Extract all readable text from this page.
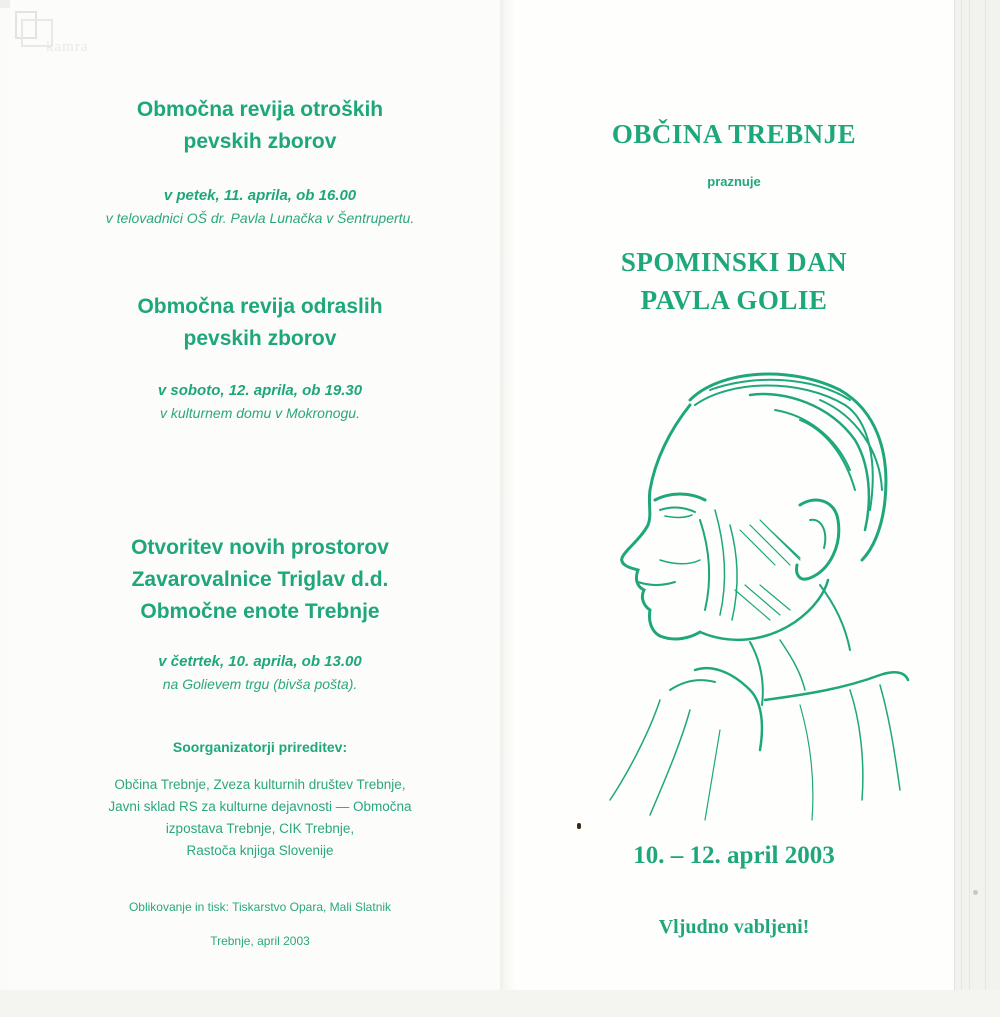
kamra

Območna revija otroških

pevskih zborov

v petek, 11. aprila, ob 16.00

v telovadnici OŠ dr. Pavla Lunačka v Šentrupertu.

Območna revija odraslih

pevskih zborov

v soboto, 12. aprila, ob 19.30

v kulturnem domu v Mokronogu.

Otvoritev novih prostorov

Zavarovalnice Triglav d.d.

Območne enote Trebnje

v četrtek, 10. aprila, ob 13.00

na Golievem trgu (bivša pošta).

Soorganizatorji prireditev:

Občina Trebnje, Zveza kulturnih društev Trebnje,

Javni sklad RS za kulturne dejavnosti — Območna

izpostava Trebnje, CIK Trebnje,

Rastoča knjiga Slovenije

Oblikovanje in tisk: Tiskarstvo Opara, Mali Slatnik

Trebnje, april 2003

OBČINA TREBNJE

praznuje

SPOMINSKI DAN

PAVLA GOLIE

10. – 12. april 2003

Vljudno vabljeni!
